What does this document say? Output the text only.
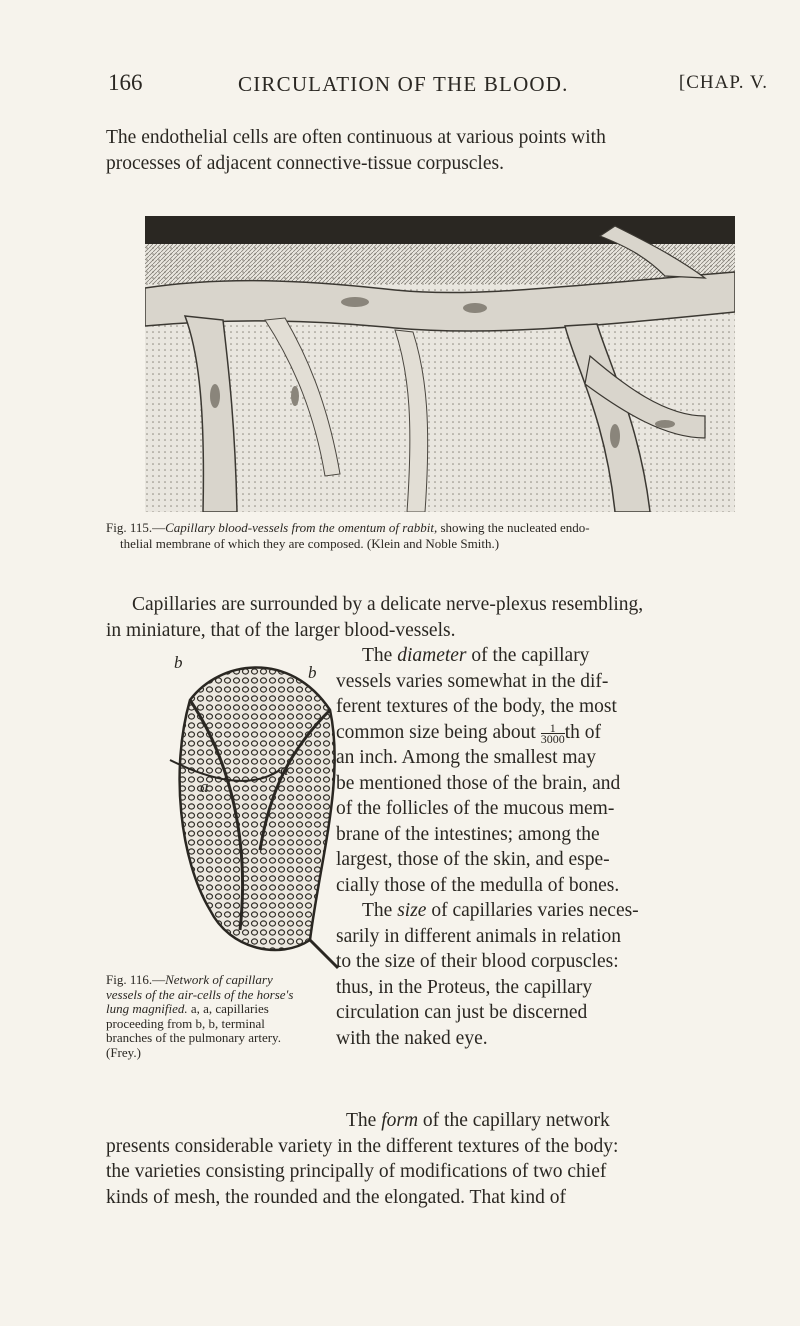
166	CIRCULATION OF THE BLOOD.	[CHAP. V.
The endothelial cells are often continuous at various points with
processes of adjacent connective-tissue corpuscles.
Fig. 115.—Capillary blood-vessels from the omentum of rabbit, showing the nucleated endo-
thelial membrane of which they are composed. (Klein and Noble Smith.)
Capillaries are surrounded by a delicate nerve-plexus resembling,
in miniature, that of the larger blood-vessels.
b
b
a
a
Fig. 116.—Network of capillary vessels of the air-cells of the horse's lung magnified. a, a, capillaries proceeding from b, b, terminal branches of the pulmonary artery. (Frey.)
The diameter of the capillary
vessels varies somewhat in the dif-
ferent textures of the body, the most
common size being about $\frac{1}{3000}$ th of
an inch. Among the smallest may
be mentioned those of the brain, and
of the follicles of the mucous mem-
brane of the intestines; among the
largest, those of the skin, and espe-
cially those of the medulla of bones.
The size of capillaries varies neces-
sarily in different animals in relation
to the size of their blood corpuscles:
thus, in the Proteus, the capillary
circulation can just be discerned
with the naked eye.
The form of the capillary network
presents considerable variety in the different textures of the body:
the varieties consisting principally of modifications of two chief
kinds of mesh, the rounded and the elongated. That kind of
